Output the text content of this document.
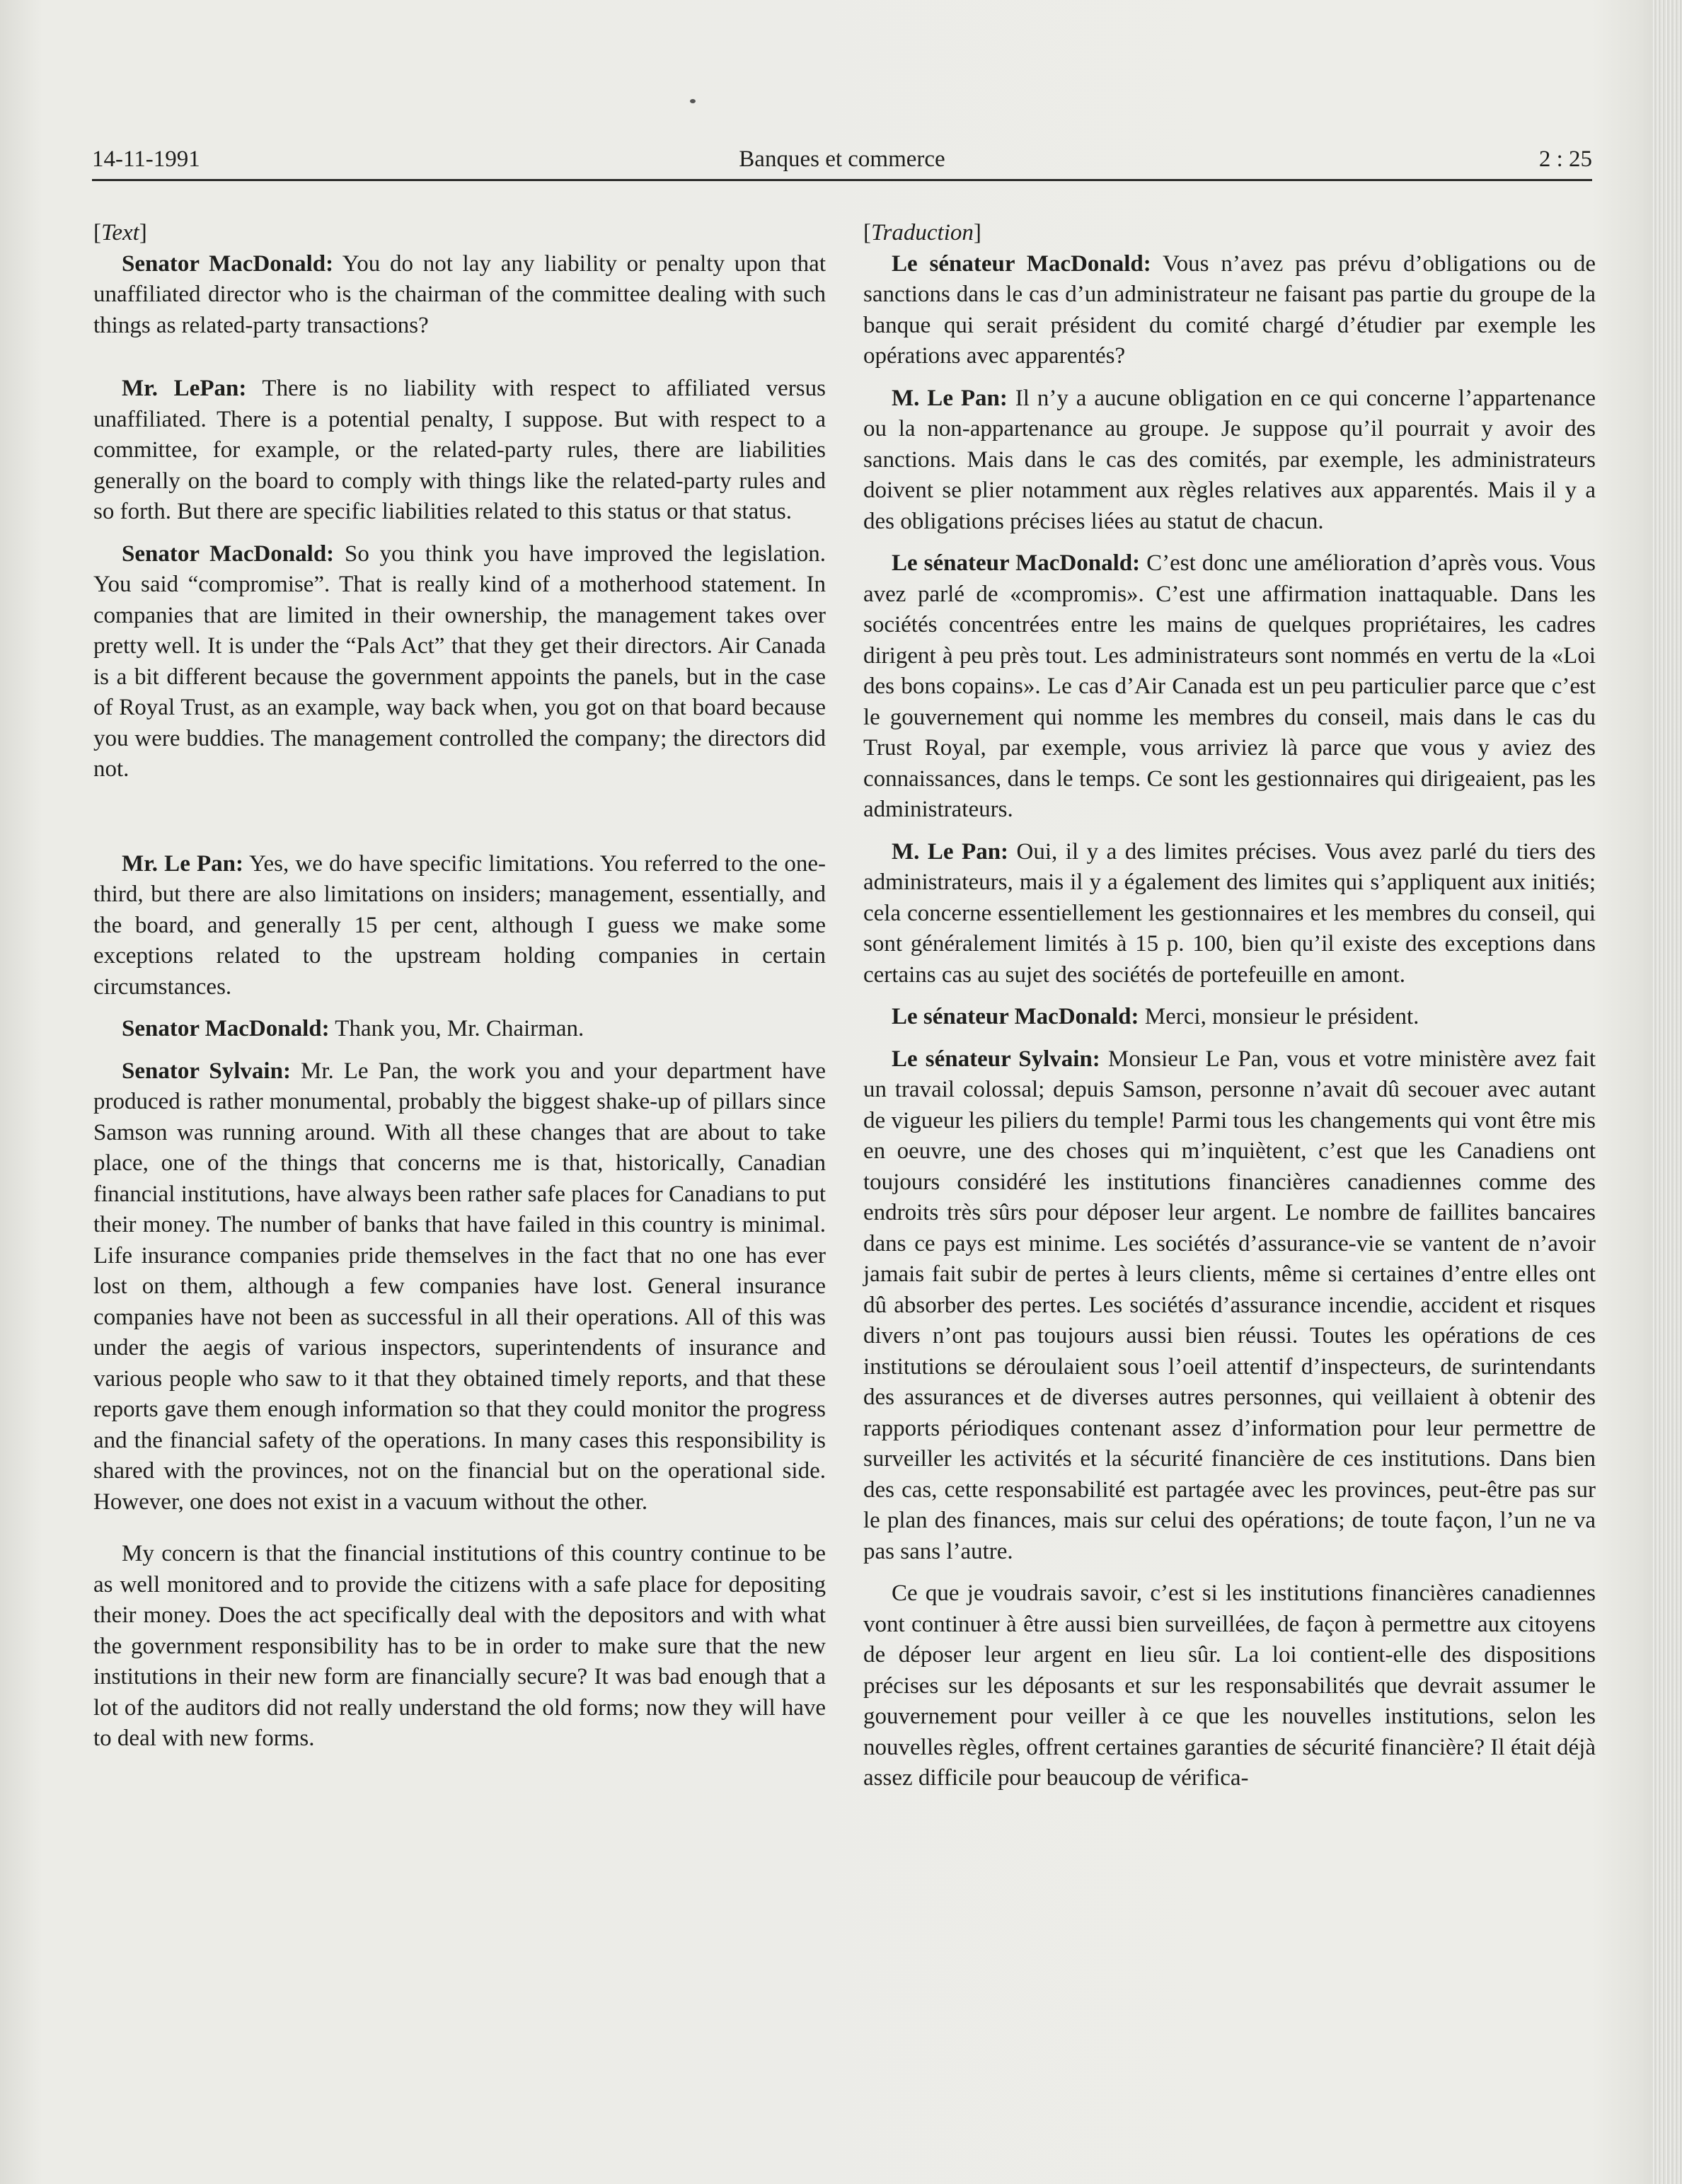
14-11-1991	Banques et commerce	2 : 25

[Text]

Senator MacDonald: You do not lay any liability or penalty upon that unaffiliated director who is the chairman of the committee dealing with such things as related-party transactions?

Mr. LePan: There is no liability with respect to affiliated versus unaffiliated. There is a potential penalty, I suppose. But with respect to a committee, for example, or the related-party rules, there are liabilities generally on the board to comply with things like the related-party rules and so forth. But there are specific liabilities related to this status or that status.

Senator MacDonald: So you think you have improved the legislation. You said “compromise”. That is really kind of a motherhood statement. In companies that are limited in their ownership, the management takes over pretty well. It is under the “Pals Act” that they get their directors. Air Canada is a bit different because the government appoints the panels, but in the case of Royal Trust, as an example, way back when, you got on that board because you were buddies. The management controlled the company; the directors did not.

Mr. Le Pan: Yes, we do have specific limitations. You referred to the one-third, but there are also limitations on insiders; management, essentially, and the board, and generally 15 per cent, although I guess we make some exceptions related to the upstream holding companies in certain circumstances.

Senator MacDonald: Thank you, Mr. Chairman.

Senator Sylvain: Mr. Le Pan, the work you and your department have produced is rather monumental, probably the biggest shake-up of pillars since Samson was running around. With all these changes that are about to take place, one of the things that concerns me is that, historically, Canadian financial institutions, have always been rather safe places for Canadians to put their money. The number of banks that have failed in this country is minimal. Life insurance companies pride themselves in the fact that no one has ever lost on them, although a few companies have lost. General insurance companies have not been as successful in all their operations. All of this was under the aegis of various inspectors, superintendents of insurance and various people who saw to it that they obtained timely reports, and that these reports gave them enough information so that they could monitor the progress and the financial safety of the operations. In many cases this responsibility is shared with the provinces, not on the financial but on the operational side. However, one does not exist in a vacuum without the other.

My concern is that the financial institutions of this country continue to be as well monitored and to provide the citizens with a safe place for depositing their money. Does the act specifically deal with the depositors and with what the government responsibility has to be in order to make sure that the new institutions in their new form are financially secure? It was bad enough that a lot of the auditors did not really understand the old forms; now they will have to deal with new forms.

[Traduction]

Le sénateur MacDonald: Vous n’avez pas prévu d’obligations ou de sanctions dans le cas d’un administrateur ne faisant pas partie du groupe de la banque qui serait président du comité chargé d’étudier par exemple les opérations avec apparentés?

M. Le Pan: Il n’y a aucune obligation en ce qui concerne l’appartenance ou la non-appartenance au groupe. Je suppose qu’il pourrait y avoir des sanctions. Mais dans le cas des comités, par exemple, les administrateurs doivent se plier notamment aux règles relatives aux apparentés. Mais il y a des obligations précises liées au statut de chacun.

Le sénateur MacDonald: C’est donc une amélioration d’après vous. Vous avez parlé de «compromis». C’est une affirmation inattaquable. Dans les sociétés concentrées entre les mains de quelques propriétaires, les cadres dirigent à peu près tout. Les administrateurs sont nommés en vertu de la «Loi des bons copains». Le cas d’Air Canada est un peu particulier parce que c’est le gouvernement qui nomme les membres du conseil, mais dans le cas du Trust Royal, par exemple, vous arriviez là parce que vous y aviez des connaissances, dans le temps. Ce sont les gestionnaires qui dirigeaient, pas les administrateurs.

M. Le Pan: Oui, il y a des limites précises. Vous avez parlé du tiers des administrateurs, mais il y a également des limites qui s’appliquent aux initiés; cela concerne essentiellement les gestionnaires et les membres du conseil, qui sont généralement limités à 15 p. 100, bien qu’il existe des exceptions dans certains cas au sujet des sociétés de portefeuille en amont.

Le sénateur MacDonald: Merci, monsieur le président.

Le sénateur Sylvain: Monsieur Le Pan, vous et votre ministère avez fait un travail colossal; depuis Samson, personne n’avait dû secouer avec autant de vigueur les piliers du temple! Parmi tous les changements qui vont être mis en oeuvre, une des choses qui m’inquiètent, c’est que les Canadiens ont toujours considéré les institutions financières canadiennes comme des endroits très sûrs pour déposer leur argent. Le nombre de faillites bancaires dans ce pays est minime. Les sociétés d’assurance-vie se vantent de n’avoir jamais fait subir de pertes à leurs clients, même si certaines d’entre elles ont dû absorber des pertes. Les sociétés d’assurance incendie, accident et risques divers n’ont pas toujours aussi bien réussi. Toutes les opérations de ces institutions se déroulaient sous l’oeil attentif d’inspecteurs, de surintendants des assurances et de diverses autres personnes, qui veillaient à obtenir des rapports périodiques contenant assez d’information pour leur permettre de surveiller les activités et la sécurité financière de ces institutions. Dans bien des cas, cette responsabilité est partagée avec les provinces, peut-être pas sur le plan des finances, mais sur celui des opérations; de toute façon, l’un ne va pas sans l’autre.

Ce que je voudrais savoir, c’est si les institutions financières canadiennes vont continuer à être aussi bien surveillées, de façon à permettre aux citoyens de déposer leur argent en lieu sûr. La loi contient-elle des dispositions précises sur les déposants et sur les responsabilités que devrait assumer le gouvernement pour veiller à ce que les nouvelles institutions, selon les nouvelles règles, offrent certaines garanties de sécurité financière? Il était déjà assez difficile pour beaucoup de vérifica-
